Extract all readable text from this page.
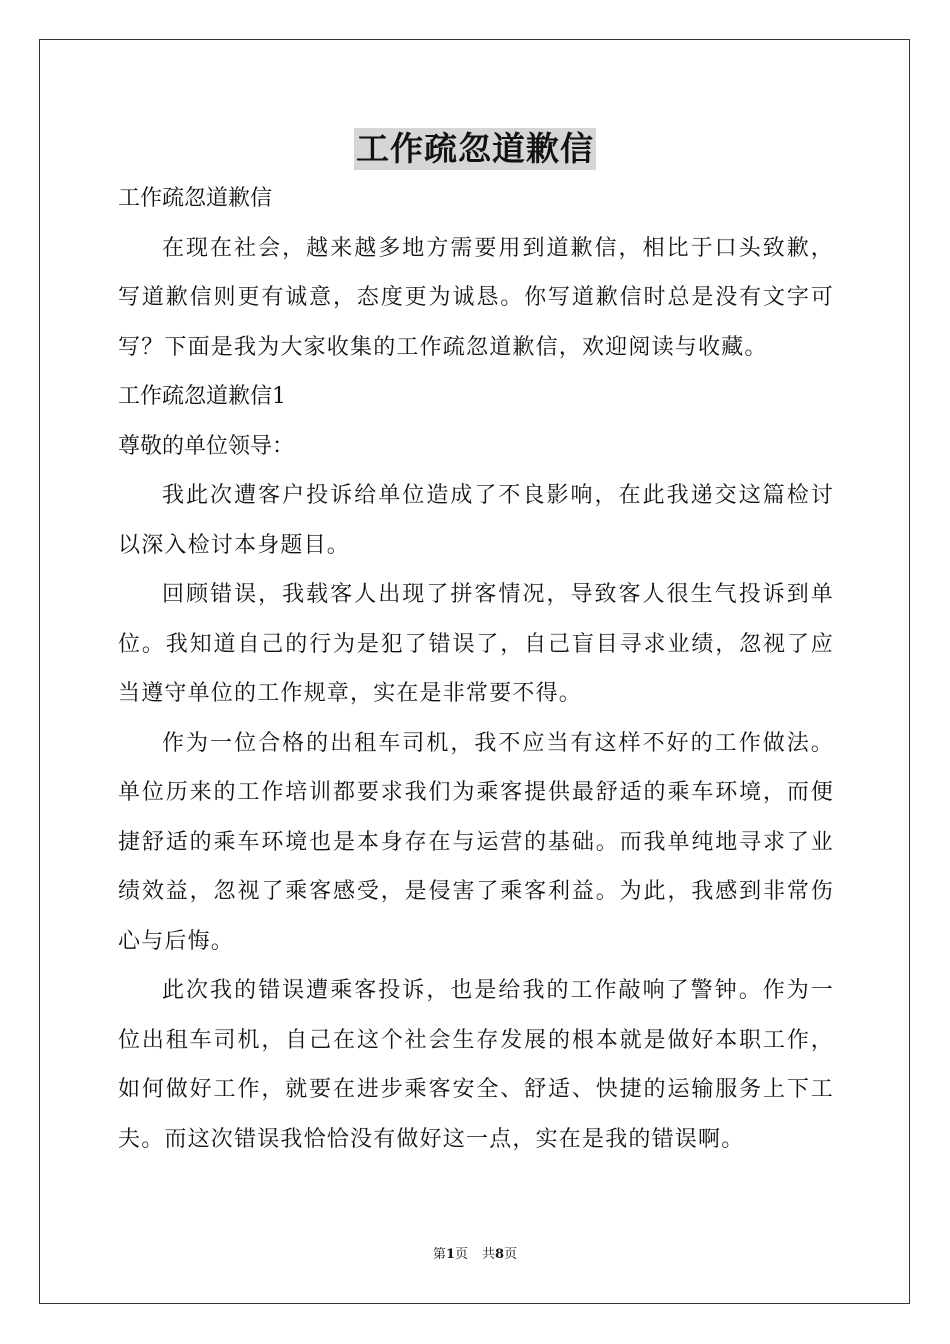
工作疏忽道歉信

工作疏忽道歉信

在现在社会，越来越多地方需要用到道歉信，相比于口头致歉，写道歉信则更有诚意，态度更为诚恳。你写道歉信时总是没有文字可写？下面是我为大家收集的工作疏忽道歉信，欢迎阅读与收藏。

工作疏忽道歉信1

尊敬的单位领导：

我此次遭客户投诉给单位造成了不良影响，在此我递交这篇检讨以深入检讨本身题目。

回顾错误，我载客人出现了拼客情况，导致客人很生气投诉到单位。我知道自己的行为是犯了错误了，自己盲目寻求业绩，忽视了应当遵守单位的工作规章，实在是非常要不得。

作为一位合格的出租车司机，我不应当有这样不好的工作做法。单位历来的工作培训都要求我们为乘客提供最舒适的乘车环境，而便捷舒适的乘车环境也是本身存在与运营的基础。而我单纯地寻求了业绩效益，忽视了乘客感受，是侵害了乘客利益。为此，我感到非常伤心与后悔。

此次我的错误遭乘客投诉，也是给我的工作敲响了警钟。作为一位出租车司机，自己在这个社会生存发展的根本就是做好本职工作，如何做好工作，就要在进步乘客安全、舒适、快捷的运输服务上下工夫。而这次错误我恰恰没有做好这一点，实在是我的错误啊。

第1页 共8页
